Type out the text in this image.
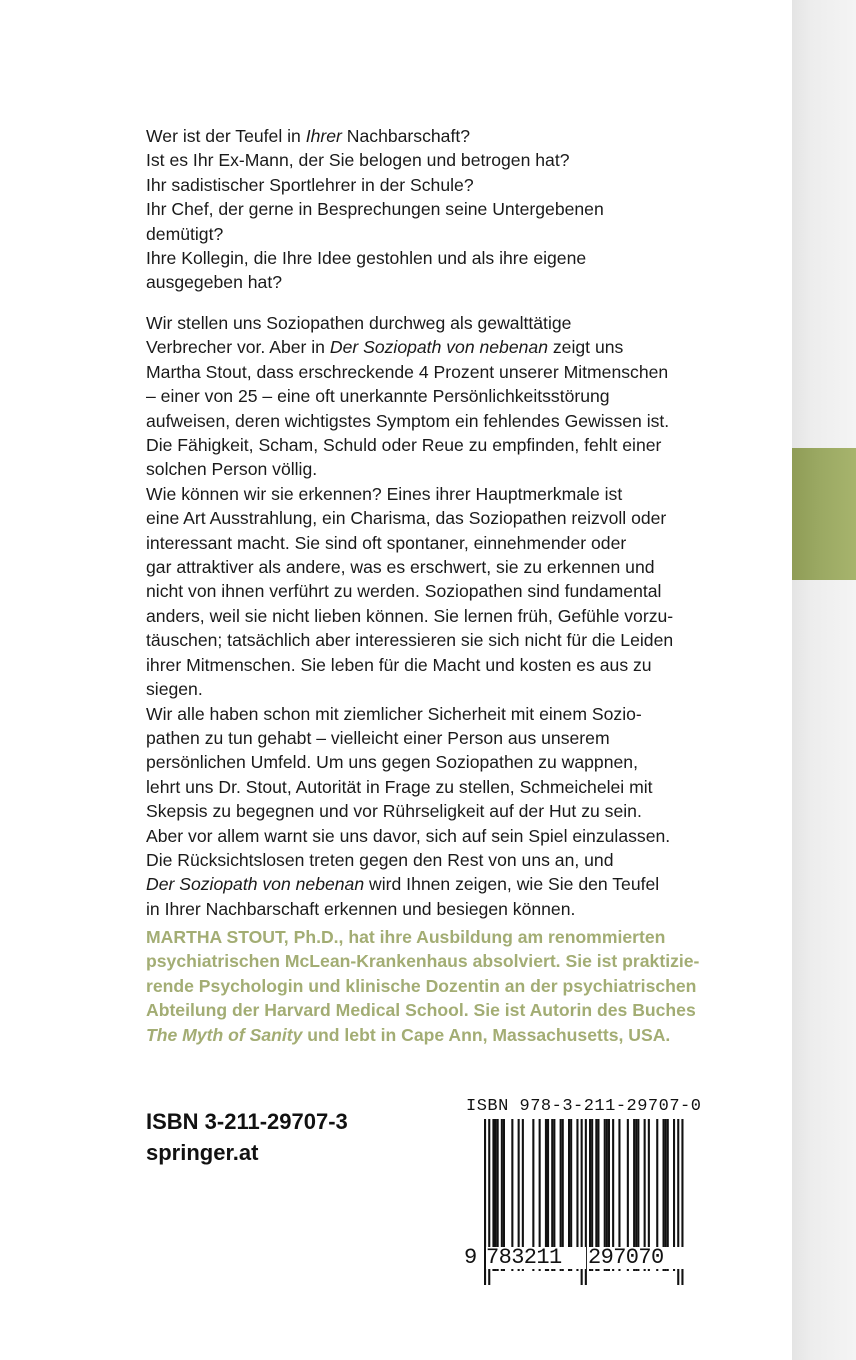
Wer ist der Teufel in Ihrer Nachbarschaft?
Ist es Ihr Ex-Mann, der Sie belogen und betrogen hat?
Ihr sadistischer Sportlehrer in der Schule?
Ihr Chef, der gerne in Besprechungen seine Untergebenen
demütigt?
Ihre Kollegin, die Ihre Idee gestohlen und als ihre eigene
ausgegeben hat?
Wir stellen uns Soziopathen durchweg als gewalttätige
Verbrecher vor. Aber in Der Soziopath von nebenan zeigt uns
Martha Stout, dass erschreckende 4 Prozent unserer Mitmenschen
– einer von 25 – eine oft unerkannte Persönlichkeitsstörung
aufweisen, deren wichtigstes Symptom ein fehlendes Gewissen ist.
Die Fähigkeit, Scham, Schuld oder Reue zu empfinden, fehlt einer
solchen Person völlig.
Wie können wir sie erkennen? Eines ihrer Hauptmerkmale ist
eine Art Ausstrahlung, ein Charisma, das Soziopathen reizvoll oder
interessant macht. Sie sind oft spontaner, einnehmender oder
gar attraktiver als andere, was es erschwert, sie zu erkennen und
nicht von ihnen verführt zu werden. Soziopathen sind fundamental
anders, weil sie nicht lieben können. Sie lernen früh, Gefühle vorzu-
täuschen; tatsächlich aber interessieren sie sich nicht für die Leiden
ihrer Mitmenschen. Sie leben für die Macht und kosten es aus zu
siegen.
Wir alle haben schon mit ziemlicher Sicherheit mit einem Sozio-
pathen zu tun gehabt – vielleicht einer Person aus unserem
persönlichen Umfeld. Um uns gegen Soziopathen zu wappnen,
lehrt uns Dr. Stout, Autorität in Frage zu stellen, Schmeichelei mit
Skepsis zu begegnen und vor Rührseligkeit auf der Hut zu sein.
Aber vor allem warnt sie uns davor, sich auf sein Spiel einzulassen.
Die Rücksichtslosen treten gegen den Rest von uns an, und
Der Soziopath von nebenan wird Ihnen zeigen, wie Sie den Teufel
in Ihrer Nachbarschaft erkennen und besiegen können.
MARTHA STOUT, Ph.D., hat ihre Ausbildung am renommierten
psychiatrischen McLean-Krankenhaus absolviert. Sie ist praktizie-
rende Psychologin und klinische Dozentin an der psychiatrischen
Abteilung der Harvard Medical School. Sie ist Autorin des Buches
The Myth of Sanity und lebt in Cape Ann, Massachusetts, USA.
ISBN 3-211-29707-3
springer.at
ISBN 978-3-211-29707-0
9 783211	297070
